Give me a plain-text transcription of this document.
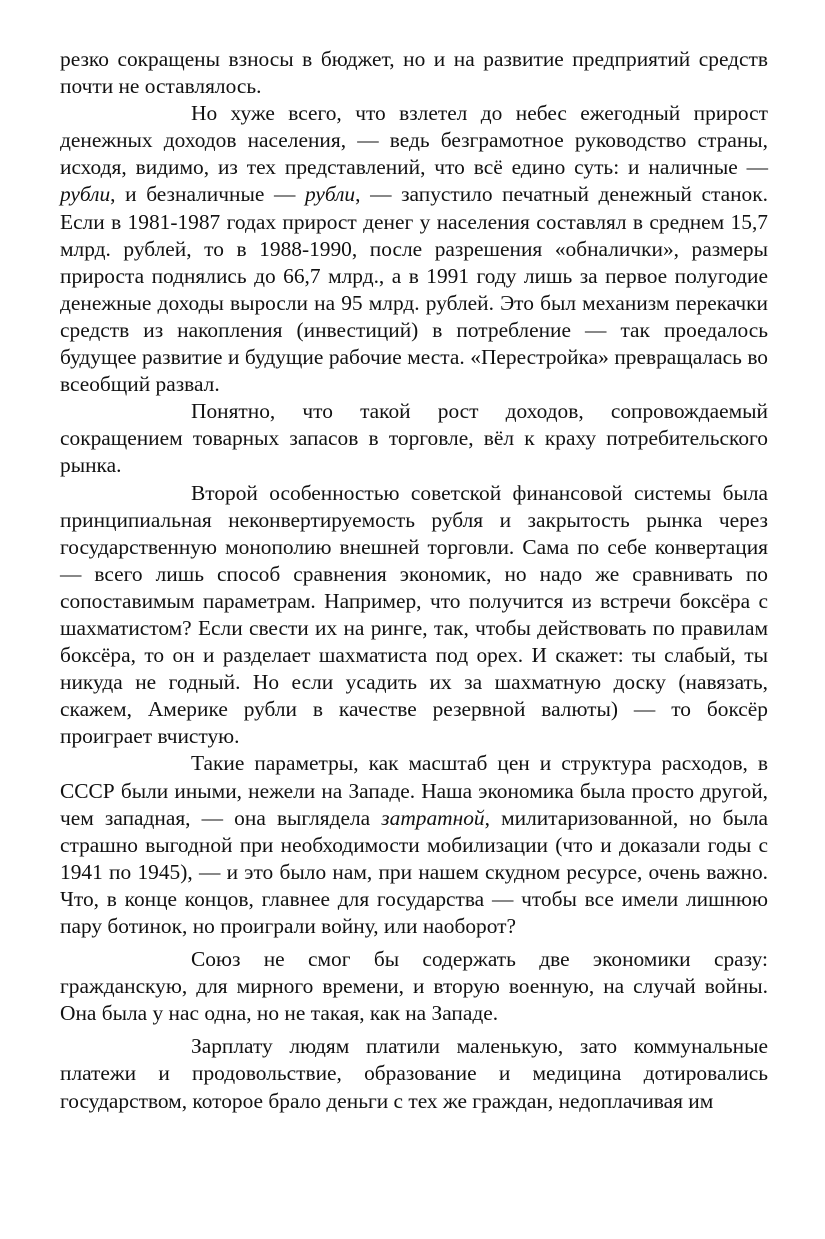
резко сокращены взносы в бюджет, но и на развитие предприятий средств почти не оставлялось.

Но хуже всего, что взлетел до небес ежегодный прирост денежных доходов населения, — ведь безграмотное руководство страны, исходя, видимо, из тех представлений, что всё едино суть: и наличные — рубли, и безналичные — рубли, — запустило печатный денежный станок. Если в 1981-1987 годах прирост денег у населения составлял в среднем 15,7 млрд. рублей, то в 1988-1990, после разрешения «обналички», размеры прироста поднялись до 66,7 млрд., а в 1991 году лишь за первое полугодие денежные доходы выросли на 95 млрд. рублей. Это был механизм перекачки средств из накопления (инвестиций) в потребление — так проедалось будущее развитие и будущие рабочие места. «Перестройка» превращалась во всеобщий развал.

Понятно, что такой рост доходов, сопровождаемый сокращением товарных запасов в торговле, вёл к краху потребительского рынка.

Второй особенностью советской финансовой системы была принципиальная неконвертируемость рубля и закрытость рынка через государственную монополию внешней торговли. Сама по себе конвертация — всего лишь способ сравнения экономик, но надо же сравнивать по сопоставимым параметрам. Например, что получится из встречи боксёра с шахматистом? Если свести их на ринге, так, чтобы действовать по правилам боксёра, то он и разделает шахматиста под орех. И скажет: ты слабый, ты никуда не годный. Но если усадить их за шахматную доску (навязать, скажем, Америке рубли в качестве резервной валюты) — то боксёр проиграет вчистую.

Такие параметры, как масштаб цен и структура расходов, в СССР были иными, нежели на Западе. Наша экономика была просто другой, чем западная, — она выглядела затратной, милитаризованной, но была страшно выгодной при необходимости мобилизации (что и доказали годы с 1941 по 1945), — и это было нам, при нашем скудном ресурсе, очень важно. Что, в конце концов, главнее для государства — чтобы все имели лишнюю пару ботинок, но проиграли войну, или наоборот?

Союз не смог бы содержать две экономики сразу: гражданскую, для мирного времени, и вторую военную, на случай войны. Она была у нас одна, но не такая, как на Западе.

Зарплату людям платили маленькую, зато коммунальные платежи и продовольствие, образование и медицина дотировались государством, которое брало деньги с тех же граждан, недоплачивая им
